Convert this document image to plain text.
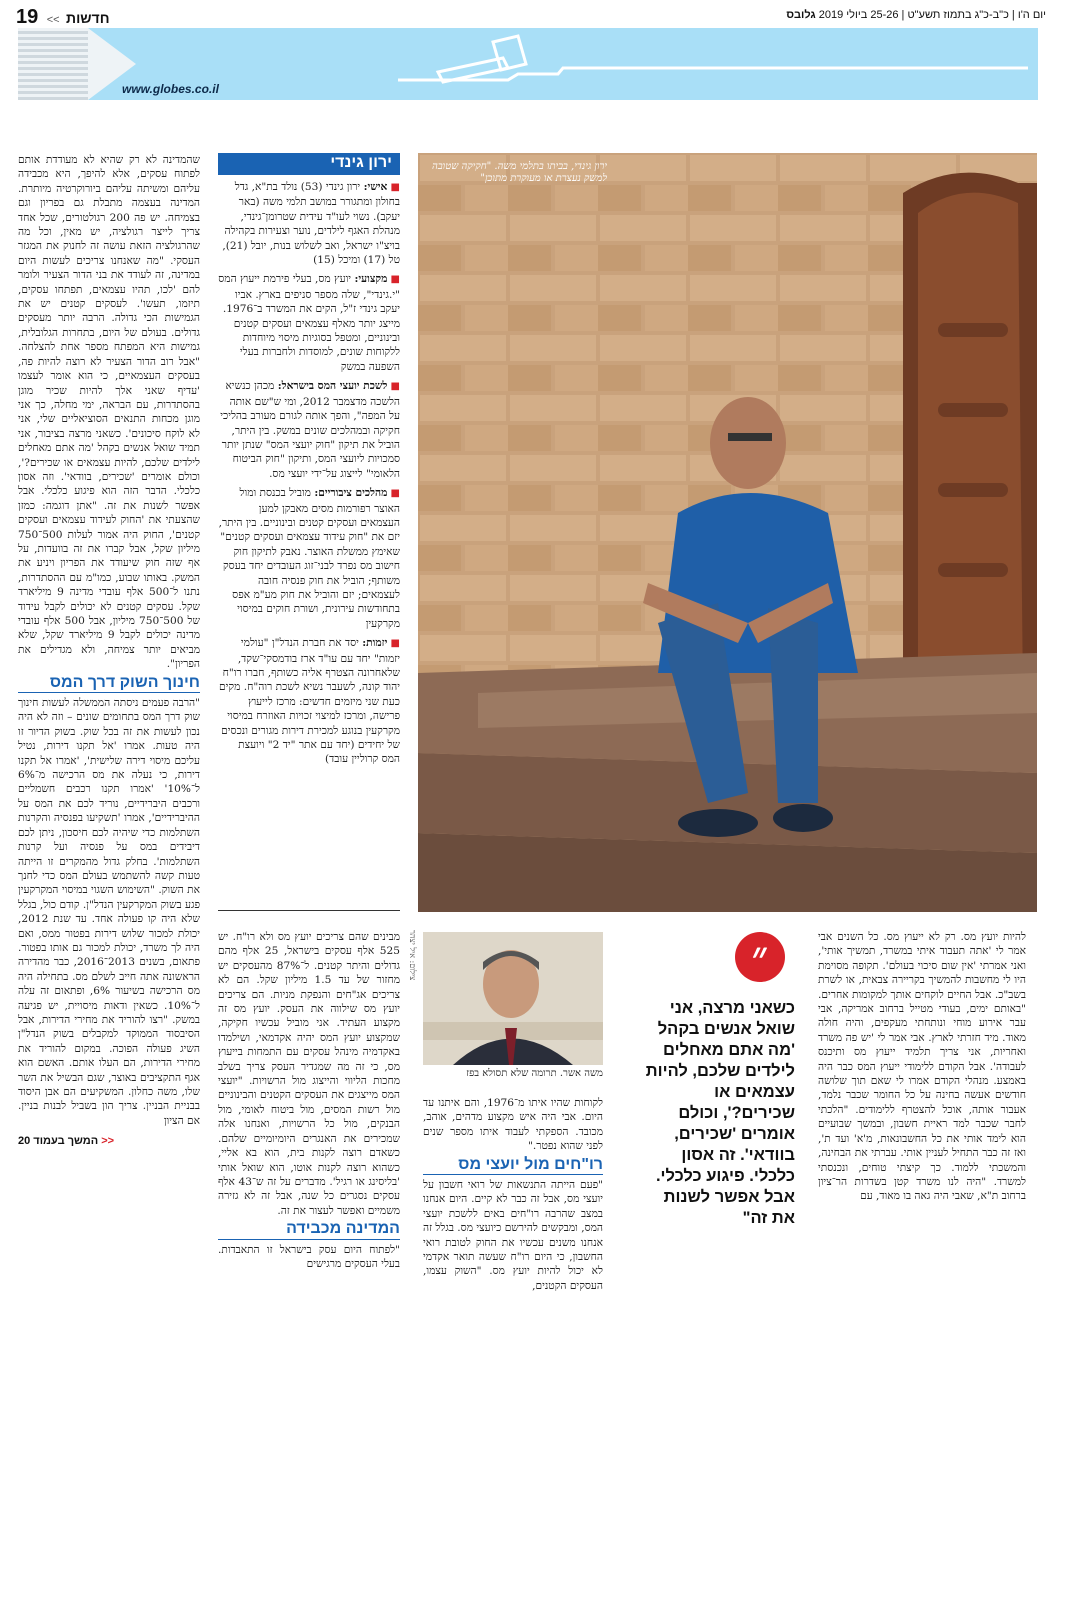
19 << חדשות	יום ה'ו | כ"ב-כ"ג בתמוז תשע"ט | 25-26 ביולי 2019 גלובס
www.globes.co.il

שהמדינה לא רק שהיא לא מעודדת אותם לפתוח עסקים, אלא להיפך, היא מכבידה עליהם ומשיתה עליהם ביורוקרטיה מיותרת. המדינה בעצמה מתבלת גם בפריון וגם בצמיחה. יש פה 200 רגולטורים, שכל אחד צריך לייצר רגולציה, יש מאין, וכל מה שהרגולציה הזאת עושה זה לחנוק את המגזר העסקי. "מה שאנחנו צריכים לעשות היום במדינה, זה לעודד את בני הדור הצעיר ולומר להם 'לכו, תהיו עצמאים, תפתחו עסקים, תיזמו, תעשו'. לעסקים קטנים יש את הגמישות הכי גדולה. הרבה יותר מעסקים גדולים. בעולם של היום, בתחרות הגלובלית, גמישות היא המפתח מספר אחת להצלחה. "אבל רוב הדור הצעיר לא רוצה להיות פה, בעסקים העצמאיים, כי הוא אומר לעצמו 'עדיף שאני אלך להיות שכיר מוגן בהסתדרות, עם הבראה, ימי מחלה, כך אני מוגן מכחות התנאים הסוציאליים שלי, אני לא לוקח סיכונים'. כשאני מרצה בציבור, אני תמיד שואל אנשים בקהל 'מה אתם מאחלים לילדים שלכם, להיות עצמאים או שכירים?', וכולם אומרים 'שכירים, בוודאי'. וזה אסון כלכלי. הדבר הזה הוא פיגוע כלכלי. אבל אפשר לשנות את זה. "אתן דוגמה: כמזן שהצעתי את 'החוק לעידוד עצמאים ועסקים קטנים', החוק היה אמור לעלות 500־750 מיליון שקל, אבל קברו את זה בוועדות, על אף שזה חוק שיעודד את הפריון ויניע את המשק. באותו שבוע, כמו"מ עם ההסתדרות, נתנו ל־500 אלף עובדי מדינה 9 מיליארד שקל. עסקים קטנים לא יכולים לקבל עידוד של 500־750 מיליון, אבל 500 אלף עובדי מדינה יכולים לקבל 9 מיליארד שקל, שלא מביאים יותר צמיחה, ולא מגדילים את הפריון".

חינוך השוק דרך המס

"הרבה פעמים ניסתה הממשלה לעשות חינוך שוק דרך המס בתחומים שונים – וזה לא היה נכון לעשות את זה בכל שוק. בשוק הדיור זו היה טעות. אמרו 'אל תקנו דירות, נטיל עליכם מיסוי דירה שלישית', 'אמרו אל תקנו דירות, כי נעלה את מס הרכישה מ־6% ל־10%' 'אמרו תקנו רכבים חשמליים ורכבים היברידיים, נוריד לכם את המס על ההיברידיים', אמרו 'תשקיעו בפנסיה והקרנות השתלמות כדי שיהיה לכם חיסכון, ניתן לכם דיבידים במס על פנסיה ועל קרנות השתלמות'. בחלק גדול מהמקרים זו הייתה טעות קשה להשתמש בעולם המס כדי לחנך את השוק. "השימוש השגוי במיסוי המקרקעין פגע בשוק המקרקעין הנדל"ן. קודם כול, בגלל שלא היה קו פעולה אחד. עד שנת 2012, יכולת למכור שלוש דירות בפטור ממס, ואם היה לך משרד, יכולת למכור גם אותו בפטור. פתאום, בשנים 2013־2016, כבר מהדירה הראשונה אתה חייב לשלם מס. בתחילה היה מס הרכישה בשיעור 6%, ופתאום זה עלה ל־10%. כשאין ודאות מיסויית, יש פגיעה במשק. "רצו להוריד את מחירי הדירות, אבל הסיבסוד הממוקד למקבלים בשוק הנדל"ן השיג פעולה הפוכה. במקום להוריד את מחירי הדירות, הם העלו אותם. האשם הוא אגף התקציבים באוצר, שגם הבשיל את השר שלו, משה כחלון. המשקיעים הם אבן היסוד בבניית הבניין. צריך הון בשביל לבנות בניין. אם הציון

<< המשך בעמוד 20
ירון גינדי
■ אישי: ירון גינדי (53) נולד בת"א, גדל בחולון ומתגורר במושב תלמי משה (באר יעקב). נשוי לעו"ד עידית שטרומן־גינדי, מנהלת האגף לילדים, נוער וצעירות בקהילה בויצ"ו ישראל, ואב לשלוש בנות, יובל (21), טל (17) ומיכל (15)
■ מקצועי: יועץ מס, בעלי פירמת ייעוץ המס "י.גינדי", שלה מספר סניפים בארץ. אביו יעקב גינדי ז"ל, הקים את המשרד ב־1976. מייצג יותר מאלף עצמאים ועסקים קטנים ובינוניים, ומטפל בסוגיות מיסוי מיוחדות ללקוחות שונים, למוסדות ולחברות בעלי השפעה במשק
■ לשכת יועצי המס בישראל: מכהן כנשיא הלשכה מדצמבר 2012, ומי ש"שם אותה על המפה", והפך אותה לגורם מעורב בהליכי חקיקה ובמהלכים שונים במשק. בין היתר, הוביל את תיקון "חוק יועצי המס" שנתן יותר סמכויות ליועצי המס, ותיקון "חוק הביטוח הלאומי" לייצוג על־ידי יועצי מס.
■ מהלכים ציבוריים: מוביל בכנסת ומול האוצר רפורמות מסים מאבקן למען העצמאים ועסקים קטנים ובינוניים. בין היתר, יזם את "חוק עידוד עצמאים ועסקים קטנים" שאימץ ממשלת האוצר. נאבק לתיקון חוק חישוב מס נפרד לבני־זוג העובדים יחד בעסק משותף; הוביל את חוק פנסיה חובה לעצמאים; יזם והוביל את חוק מע"מ אפס בתחודשות עירונית, ושורת חוקים במיסוי מקרקעין
■ יזמות: יסד את חברת הנדל"ן "עולמי יזמות" יחד עם עו"ד ארז בודמסקי־שקד, שלאחרונה הצטרף אליה כשותף, חברו רו"ח יהוד קונה, לשעבר נשיא לשכת רוה"ח. מקים כעת שני מיזמים חדשים: מרכז לייעוץ פרישה, ומרכז למיצוי זכויות האוזרח במיסוי מקרקעין בנוגע למכירת דירות מגורים ונכסים של יחידים (יחד עם אתר "יד 2" ויועצת המס קרוליין עובד)
ירון גינדי, בביתו בתלמי משה. "חקיקה שטובה למשק נעצרת או מעוקרת מתוכן"

להיות יועץ מס. רק לא ייעוץ מס. כל השנים אבי אמר לי 'אתה תעבוד איתי במשרד, תמשיך אותי', ואני אמרתי 'אין שום סיכוי בעולם'. תקופה מסוימת היו לי מחשבות להמשיך בקריירה צבאית, או לשרת בשב"כ. אבל החיים לוקחים אותך למקומות אחרים. "באותם ימים, בעודי מטייל ברחוב אמריקה, אבי עבר אירוע מוחי ונותחתי מעקפים, והיה חולה מאוד. מיד חזרתי לארץ. אבי אמר לי 'יש פה משרד ואחריות, אני צריך תלמיד ייעוץ מס ותיכנס לעבודה'. אבל הקודם ללימודי ייעוץ המס כבר היה באמצע. מנהלי הקודם אמרו לי שאם תוך שלושה חודשים אעשה בחינה על כל החומר שכבר נלמד, אעבור אותה, אוכל להצטרף ללימודים. "הלכתי לחבר שכבר למד ראיית חשבון, ובמשך שבועיים הוא לימד אותי את כל החשבונאות, מ'א' ועד ת', ואז זה כבר התחיל לעניין אותי. עברתי את הבחינה, והמשכתי ללמוד. כך קיצתי טוחים, ונכנסתי למשרד. "היה לנו משרד קטן בשדרות הר־ציון ברחוב ת"א, שאבי היה גאה בו מאוד, עם

״
כשאני מרצה, אני שואל אנשים בקהל 'מה אתם מאחלים לילדים שלכם, להיות עצמאים או שכירים?', וכולם אומרים 'שכירים, בוודאי'. זה אסון כלכלי. פיגוע כלכלי. אבל אפשר לשנות את זה"
צילום: איל יצהר
משה אשר. תרומה שלא תסולא בפז

לקוחות שהיו איתו מ־1976, והם איתנו עד היום. אבי היה איש מקצוע מדהים, אוהב, מכובד. הספקתי לעבוד איתו מספר שנים לפני שהוא נפטר."

רו"חים מול יועצי מס

"פעם הייתה התנשאות של רואי חשבון על יועצי מס, אבל זה כבר לא קיים. היום אנחנו במצב שהרבה רו"חים באים ללשכת יועצי המס, ומבקשים להירשם כיועצי מס. בגלל זה אנחנו משנים עכשיו את החוק לטובת רואי החשבון, כי היום רו"ח שעשה תואר אקדמי לא יכול להיות יועץ מס. "השוק עצמו, העסקים הקטנים,

מבינים שהם צריכים יועץ מס ולא רו"ח. יש 525 אלף עסקים בישראל, 25 אלף מהם גדולים והיתר קטנים. ל־87% מהעסקים יש מחזור של עד 1.5 מיליון שקל. הם לא צריכים אג"חים והנפקת מניות. הם צריכים יועץ מס שילווה את העסק. יועץ מס זה מקצוע העתיד. אני מוביל עכשיו חקיקה, שמקצוע יועץ המס יהיה אקדמאי, ושילמדו באקדמיה מינהל עסקים עם התמחות בייעוץ מס, כי זה מה שמגדיר העסק צריך בשלב מחכות הליווי והייצוג מול הרשויות. "יועצי המס מייצגים את העסקים הקטנים והבינוניים מול רשות המסים, מול ביטוח לאומי, מול הבנקים, מול כל הרשויות, ואנחנו אלה שמכירים את האנגרים היומיומיים שלהם. כשאדם רוצה לקנות בית, הוא בא אליי, כשהוא רוצה לקנות אוטו, הוא שואל אותי 'בליסינג או רגיל'. מדברים על זה ש־43 אלף עסקים נסגרים כל שנה, אבל זה לא גזירה משמיים ואפשר לעצור את זה.

המדינה מכבידה

"לפתוח היום עסק בישראל זו התאבדות. בעלי העסקים מרגישים
